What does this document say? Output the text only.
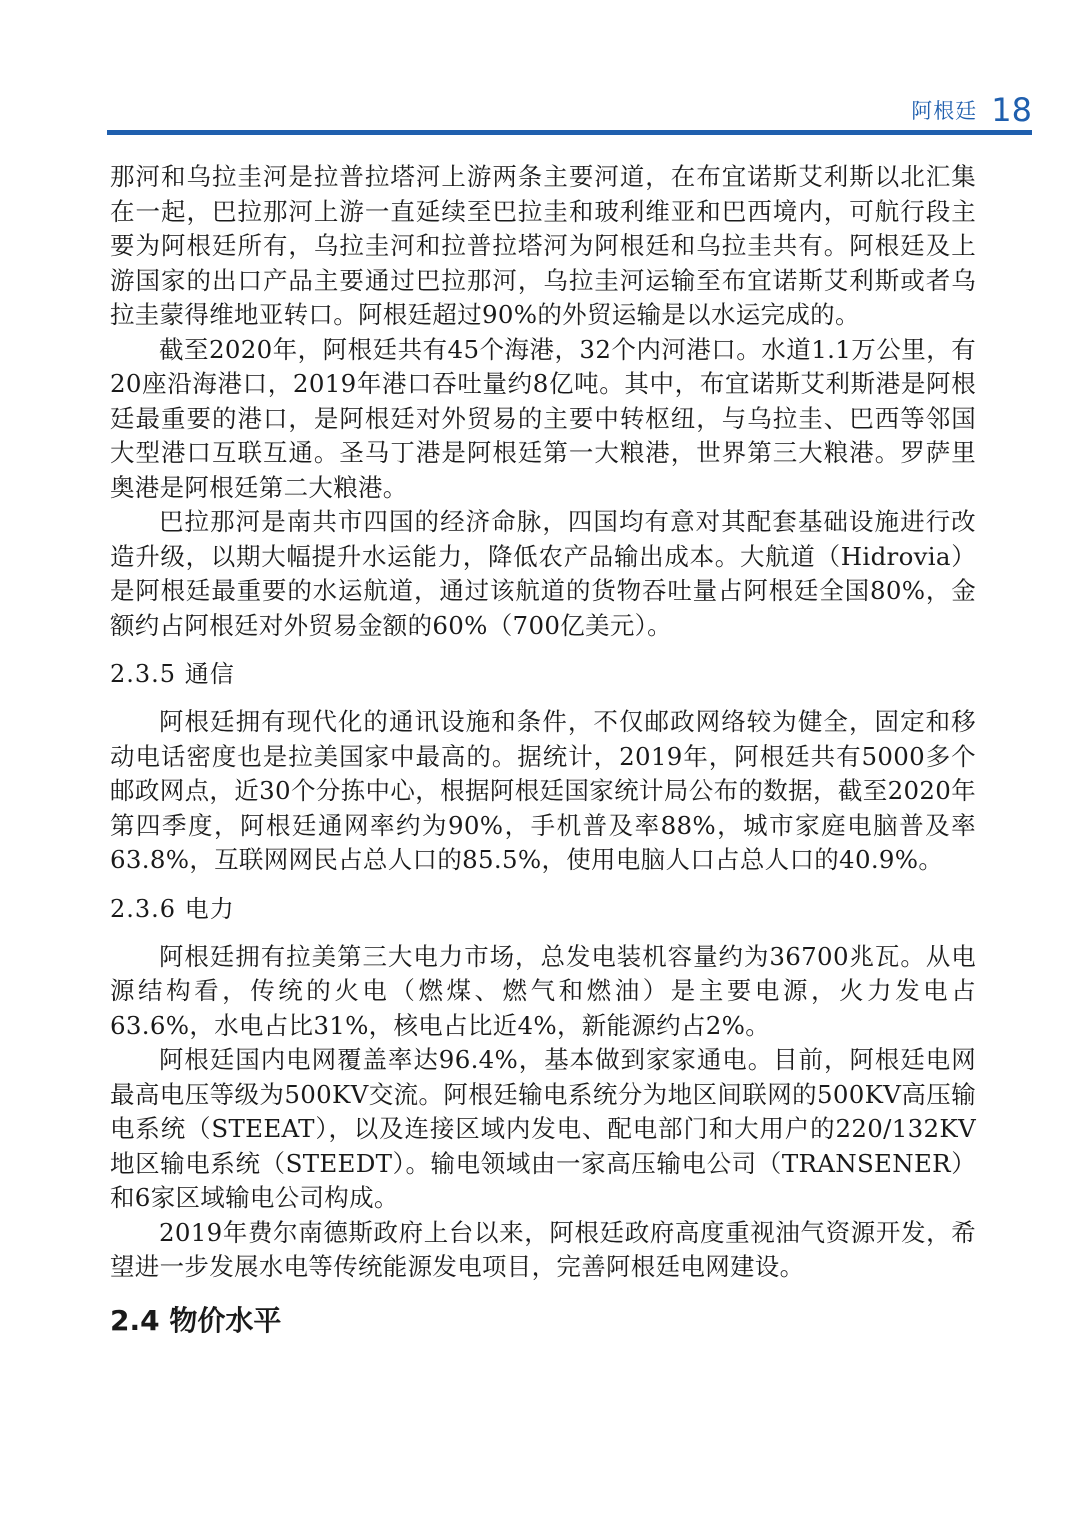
阿根廷 18

那河和乌拉圭河是拉普拉塔河上游两条主要河道，在布宜诺斯艾利斯以北汇集在一起，巴拉那河上游一直延续至巴拉圭和玻利维亚和巴西境内，可航行段主要为阿根廷所有，乌拉圭河和拉普拉塔河为阿根廷和乌拉圭共有。阿根廷及上游国家的出口产品主要通过巴拉那河，乌拉圭河运输至布宜诺斯艾利斯或者乌拉圭蒙得维地亚转口。阿根廷超过90%的外贸运输是以水运完成的。

截至2020年，阿根廷共有45个海港，32个内河港口。水道1.1万公里，有20座沿海港口，2019年港口吞吐量约8亿吨。其中，布宜诺斯艾利斯港是阿根廷最重要的港口，是阿根廷对外贸易的主要中转枢纽，与乌拉圭、巴西等邻国大型港口互联互通。圣马丁港是阿根廷第一大粮港，世界第三大粮港。罗萨里奥港是阿根廷第二大粮港。

巴拉那河是南共市四国的经济命脉，四国均有意对其配套基础设施进行改造升级，以期大幅提升水运能力，降低农产品输出成本。大航道（Hidrovia）是阿根廷最重要的水运航道，通过该航道的货物吞吐量占阿根廷全国80%，金额约占阿根廷对外贸易金额的60%（700亿美元）。

2.3.5 通信

阿根廷拥有现代化的通讯设施和条件，不仅邮政网络较为健全，固定和移动电话密度也是拉美国家中最高的。据统计，2019年，阿根廷共有5000多个邮政网点，近30个分拣中心，根据阿根廷国家统计局公布的数据，截至2020年第四季度，阿根廷通网率约为90%，手机普及率88%，城市家庭电脑普及率63.8%，互联网网民占总人口的85.5%，使用电脑人口占总人口的40.9%。

2.3.6 电力

阿根廷拥有拉美第三大电力市场，总发电装机容量约为36700兆瓦。从电源结构看，传统的火电（燃煤、燃气和燃油）是主要电源，火力发电占63.6%，水电占比31%，核电占比近4%，新能源约占2%。

阿根廷国内电网覆盖率达96.4%，基本做到家家通电。目前，阿根廷电网最高电压等级为500KV交流。阿根廷输电系统分为地区间联网的500KV高压输电系统（STEEAT），以及连接区域内发电、配电部门和大用户的220/132KV地区输电系统（STEEDT）。输电领域由一家高压输电公司（TRANSENER）和6家区域输电公司构成。

2019年费尔南德斯政府上台以来，阿根廷政府高度重视油气资源开发，希望进一步发展水电等传统能源发电项目，完善阿根廷电网建设。

2.4 物价水平
